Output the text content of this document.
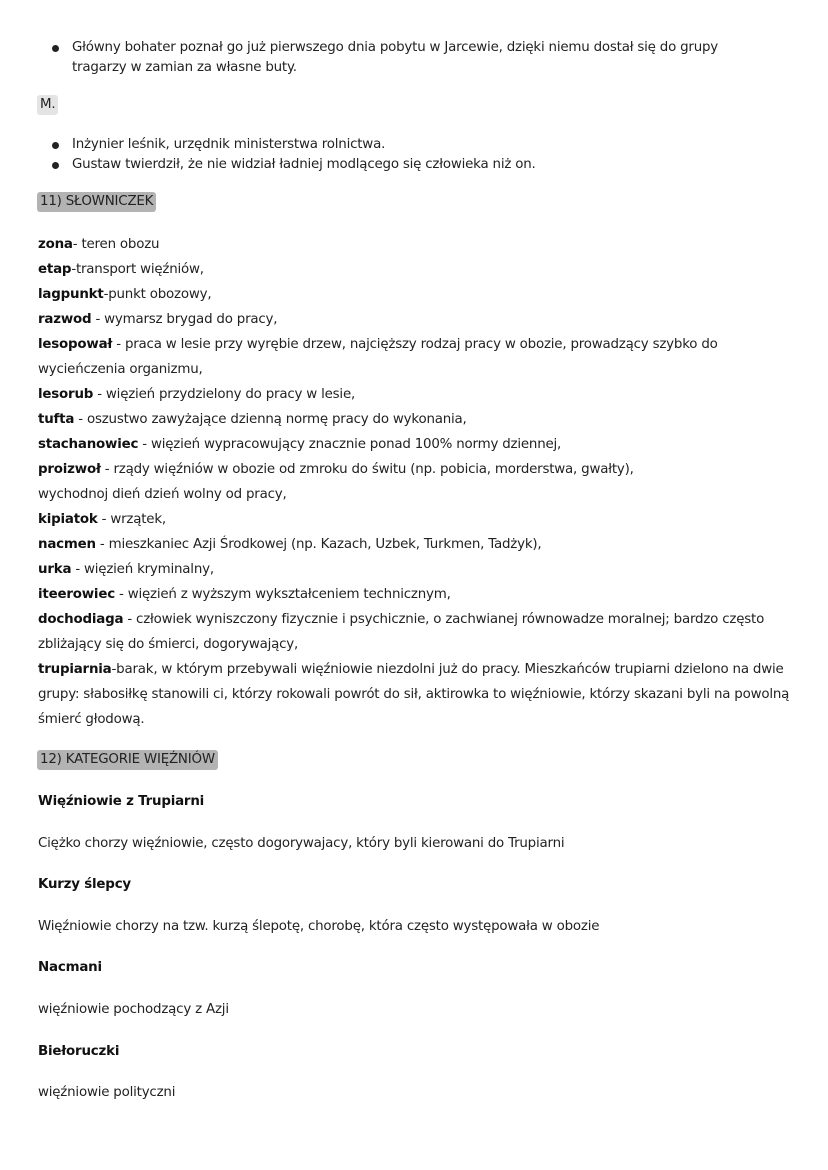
Główny bohater poznał go już pierwszego dnia pobytu w Jarcewie, dzięki niemu dostał się do grupy tragarzy w zamian za własne buty.
M.
Inżynier leśnik, urzędnik ministerstwa rolnictwa.
Gustaw twierdził, że nie widział ładniej modlącego się człowieka niż on.
11) SŁOWNICZEK
zona- teren obozu
etap-transport więźniów,
lagpunkt-punkt obozowy,
razwod - wymarsz brygad do pracy,
lesopował - praca w lesie przy wyrębie drzew, najcięższy rodzaj pracy w obozie, prowadzący szybko do wycieńczenia organizmu,
lesorub - więzień przydzielony do pracy w lesie,
tufta - oszustwo zawyżające dzienną normę pracy do wykonania,
stachanowiec - więzień wypracowujący znacznie ponad 100% normy dziennej,
proizwoł - rządy więźniów w obozie od zmroku do świtu (np. pobicia, morderstwa, gwałty),
wychodnoj dień dzień wolny od pracy,
kipiatok - wrzątek,
nacmen - mieszkaniec Azji Środkowej (np. Kazach, Uzbek, Turkmen, Tadżyk),
urka - więzień kryminalny,
iteerowiec - więzień z wyższym wykształceniem technicznym,
dochodiaga - człowiek wyniszczony fizycznie i psychicznie, o zachwianej równowadze moralnej; bardzo często zbliżający się do śmierci, dogorywający,
trupiarnia-barak, w którym przebywali więźniowie niezdolni już do pracy. Mieszkańców trupiarni dzielono na dwie grupy: słabosiłkę stanowili ci, którzy rokowali powrót do sił, aktirowka to więźniowie, którzy skazani byli na powolną śmierć głodową.
12) KATEGORIE WIĘŹNIÓW
Więźniowie z Trupiarni
Ciężko chorzy więźniowie, często dogorywajacy, który byli kierowani do Trupiarni
Kurzy ślepcy
Więźniowie chorzy na tzw. kurzą ślepotę, chorobę, która często występowała w obozie
Nacmani
więźniowie pochodzący z Azji
Biełoruczki
więźniowie polityczni
